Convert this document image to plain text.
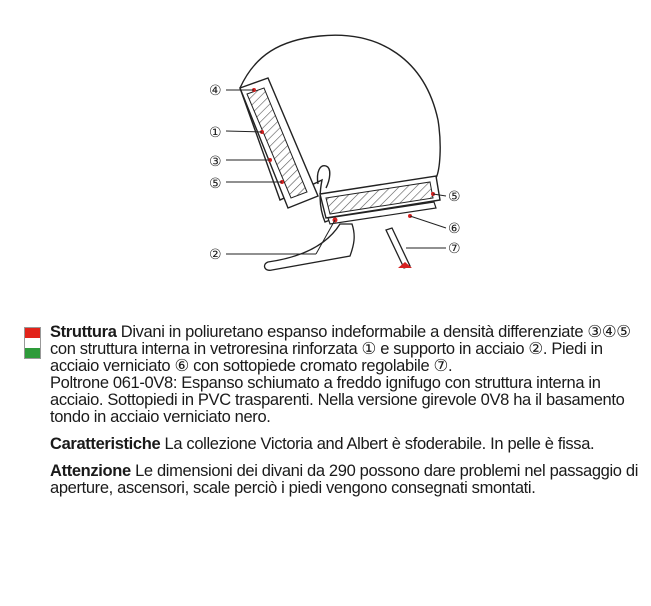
④
①
③
⑤
②
⑤
⑥
⑦

Struttura Divani in poliuretano espanso indeformabile a densità differenziate ③④⑤ con struttura interna in vetroresina rinforzata ① e supporto in acciaio ②. Piedi in acciaio verniciato ⑥ con sottopiede cromato regolabile ⑦.

Poltrone 061-0V8: Espanso schiumato a freddo ignifugo con struttura interna in acciaio. Sottopiedi in PVC trasparenti. Nella versione girevole 0V8 ha il basamento tondo in acciaio verniciato nero.

Caratteristiche La collezione Victoria and Albert è sfoderabile. In pelle è fissa.

Attenzione Le dimensioni dei divani da 290 possono dare problemi nel passaggio di aperture, ascensori, scale perciò i piedi vengono consegnati smontati.
